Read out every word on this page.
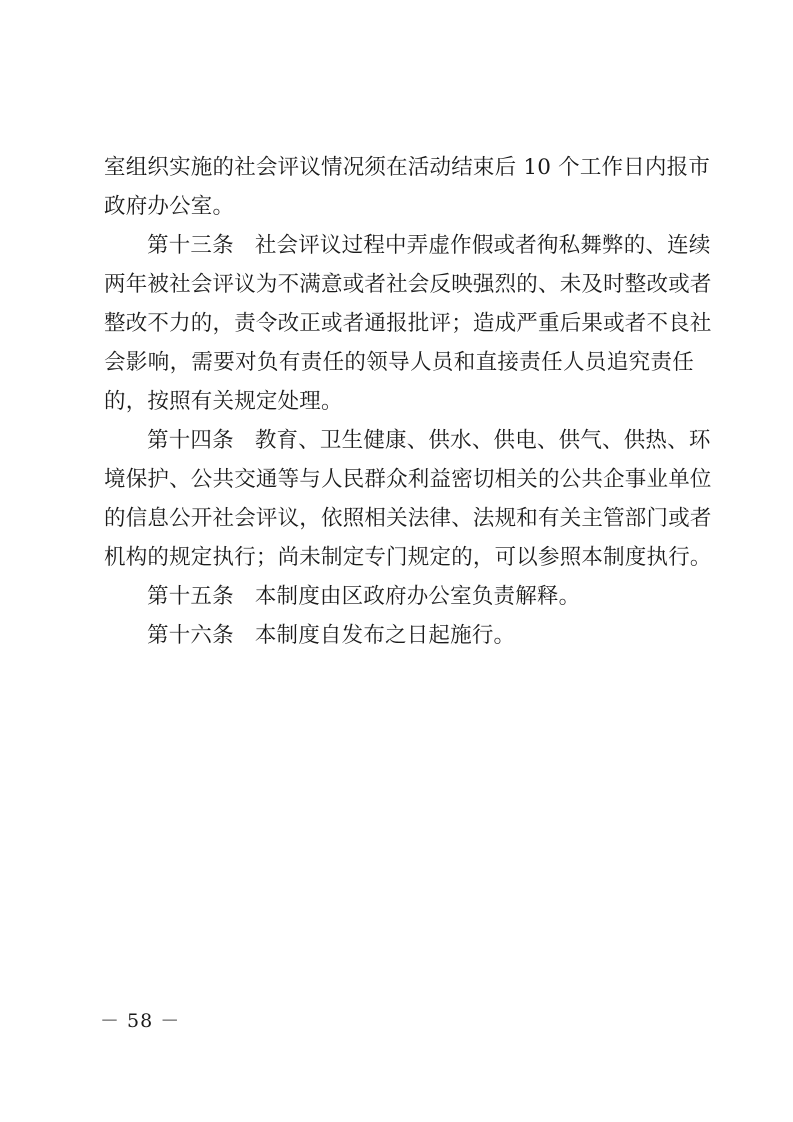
室组织实施的社会评议情况须在活动结束后 10 个工作日内报市
政府办公室。
第十三条 社会评议过程中弄虚作假或者徇私舞弊的、连续
两年被社会评议为不满意或者社会反映强烈的、未及时整改或者
整改不力的，责令改正或者通报批评；造成严重后果或者不良社
会影响，需要对负有责任的领导人员和直接责任人员追究责任
的，按照有关规定处理。
第十四条 教育、卫生健康、供水、供电、供气、供热、环
境保护、公共交通等与人民群众利益密切相关的公共企事业单位
的信息公开社会评议，依照相关法律、法规和有关主管部门或者
机构的规定执行；尚未制定专门规定的，可以参照本制度执行。
第十五条 本制度由区政府办公室负责解释。
第十六条 本制度自发布之日起施行。
－ 58 －
